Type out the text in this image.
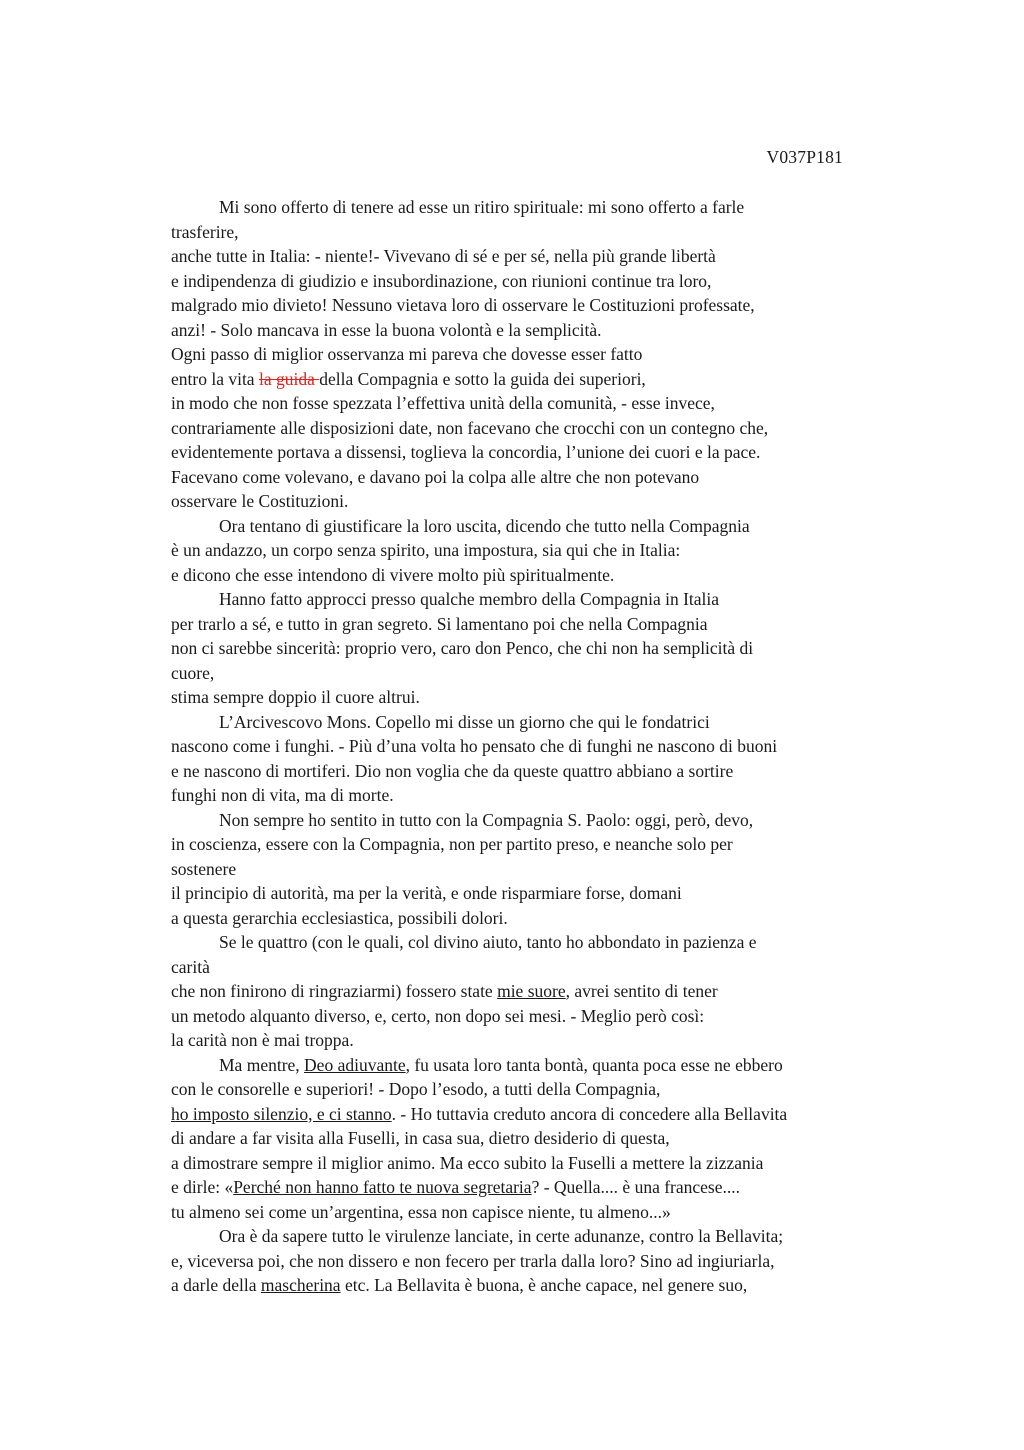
V037P181
Mi sono offerto di tenere ad esse un ritiro spirituale: mi sono offerto a farle
trasferire,
anche tutte in Italia: - niente!- Vivevano di sé e per sé, nella più grande libertà
e indipendenza di giudizio e insubordinazione, con riunioni continue tra loro,
malgrado mio divieto! Nessuno vietava loro di osservare le Costituzioni professate,
anzi! - Solo mancava in esse la buona volontà e la semplicità.
Ogni passo di miglior osservanza mi pareva che dovesse esser fatto
entro la vita la guida della Compagnia e sotto la guida dei superiori,
in modo che non fosse spezzata l’effettiva unità della comunità, - esse invece,
contrariamente alle disposizioni date, non facevano che crocchi con un contegno che,
evidentemente portava a dissensi, toglieva la concordia, l’unione dei cuori e la pace.
Facevano come volevano, e davano poi la colpa alle altre che non potevano
osservare le Costituzioni.
Ora tentano di giustificare la loro uscita, dicendo che tutto nella Compagnia
è un andazzo, un corpo senza spirito, una impostura, sia qui che in Italia:
e dicono che esse intendono di vivere molto più spiritualmente.
Hanno fatto approcci presso qualche membro della Compagnia in Italia
per trarlo a sé, e tutto in gran segreto. Si lamentano poi che nella Compagnia
non ci sarebbe sincerità: proprio vero, caro don Penco, che chi non ha semplicità di
cuore,
stima sempre doppio il cuore altrui.
L’Arcivescovo Mons. Copello mi disse un giorno che qui le fondatrici
nascono come i funghi. - Più d’una volta ho pensato che di funghi ne nascono di buoni
e ne nascono di mortiferi. Dio non voglia che da queste quattro abbiano a sortire
funghi non di vita, ma di morte.
Non sempre ho sentito in tutto con la Compagnia S. Paolo: oggi, però, devo,
in coscienza, essere con la Compagnia, non per partito preso, e neanche solo per
sostenere
il principio di autorità, ma per la verità, e onde risparmiare forse, domani
a questa gerarchia ecclesiastica, possibili dolori.
Se le quattro (con le quali, col divino aiuto, tanto ho abbondato in pazienza e
carità
che non finirono di ringraziarmi) fossero state mie suore, avrei sentito di tener
un metodo alquanto diverso, e, certo, non dopo sei mesi. - Meglio però così:
la carità non è mai troppa.
Ma mentre, Deo adiuvante, fu usata loro tanta bontà, quanta poca esse ne ebbero
con le consorelle e superiori! - Dopo l’esodo, a tutti della Compagnia,
ho imposto silenzio, e ci stanno. - Ho tuttavia creduto ancora di concedere alla Bellavita
di andare a far visita alla Fuselli, in casa sua, dietro desiderio di questa,
a dimostrare sempre il miglior animo. Ma ecco subito la Fuselli a mettere la zizzania
e dirle: «Perché non hanno fatto te nuova segretaria? - Quella.... è una francese....
tu almeno sei come un’argentina, essa non capisce niente, tu almeno...»
Ora è da sapere tutto le virulenze lanciate, in certe adunanze, contro la Bellavita;
e, viceversa poi, che non dissero e non fecero per trarla dalla loro? Sino ad ingiuriarla,
a darle della mascherina etc. La Bellavita è buona, è anche capace, nel genere suo,
